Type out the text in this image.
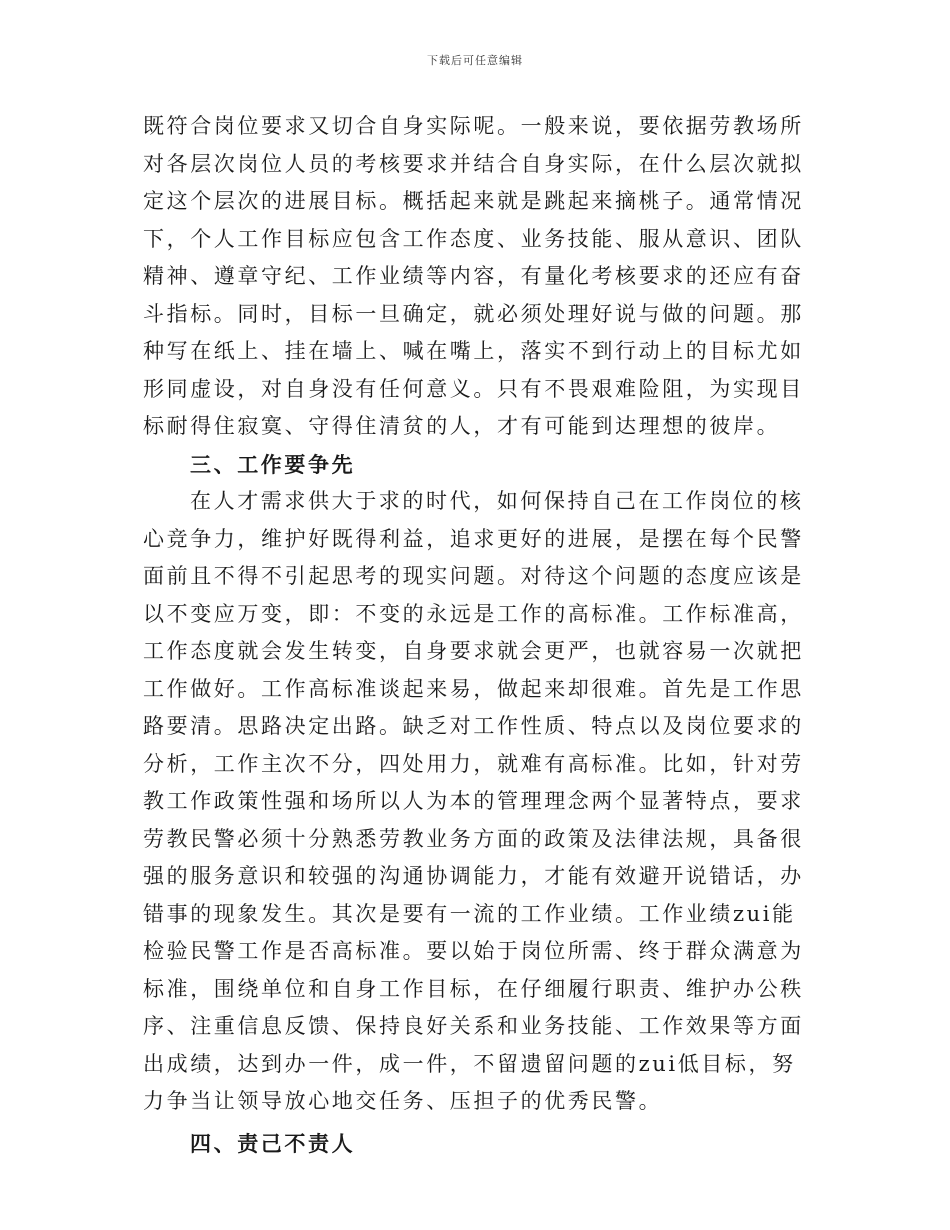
下载后可任意编辑

既符合岗位要求又切合自身实际呢。一般来说，要依据劳教场所对各层次岗位人员的考核要求并结合自身实际，在什么层次就拟定这个层次的进展目标。概括起来就是跳起来摘桃子。通常情况下，个人工作目标应包含工作态度、业务技能、服从意识、团队精神、遵章守纪、工作业绩等内容，有量化考核要求的还应有奋斗指标。同时，目标一旦确定，就必须处理好说与做的问题。那种写在纸上、挂在墙上、喊在嘴上，落实不到行动上的目标尤如形同虚设，对自身没有任何意义。只有不畏艰难险阻，为实现目标耐得住寂寞、守得住清贫的人，才有可能到达理想的彼岸。

三、工作要争先

在人才需求供大于求的时代，如何保持自己在工作岗位的核心竞争力，维护好既得利益，追求更好的进展，是摆在每个民警面前且不得不引起思考的现实问题。对待这个问题的态度应该是以不变应万变，即：不变的永远是工作的高标准。工作标准高，工作态度就会发生转变，自身要求就会更严，也就容易一次就把工作做好。工作高标准谈起来易，做起来却很难。首先是工作思路要清。思路决定出路。缺乏对工作性质、特点以及岗位要求的分析，工作主次不分，四处用力，就难有高标准。比如，针对劳教工作政策性强和场所以人为本的管理理念两个显著特点，要求劳教民警必须十分熟悉劳教业务方面的政策及法律法规，具备很强的服务意识和较强的沟通协调能力，才能有效避开说错话，办错事的现象发生。其次是要有一流的工作业绩。工作业绩zui能检验民警工作是否高标准。要以始于岗位所需、终于群众满意为标准，围绕单位和自身工作目标，在仔细履行职责、维护办公秩序、注重信息反馈、保持良好关系和业务技能、工作效果等方面出成绩，达到办一件，成一件，不留遗留问题的zui低目标，努力争当让领导放心地交任务、压担子的优秀民警。

四、责己不责人
